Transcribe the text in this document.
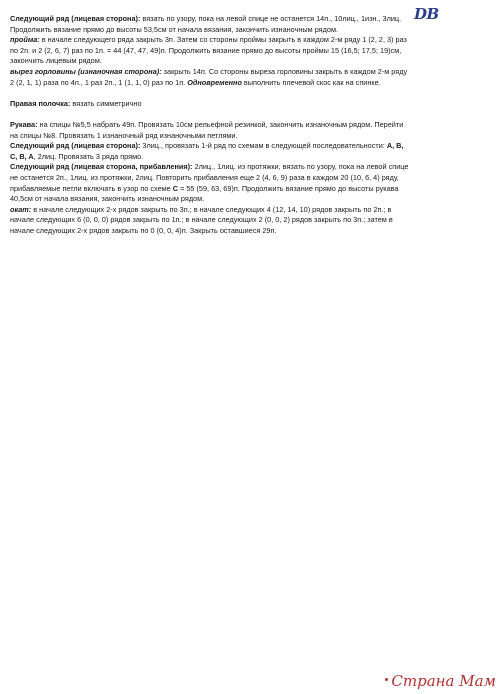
DB

Следующий ряд (лицевая сторона): вязать по узору, пока на левой спице не останется 14п., 10лиц., 1изн., 3лиц.

Продолжить вязание прямо до высоты 53,5см от начала вязания, закончить изнаночным рядом.

пройма: в начале следующего ряда закрыть 3п. Затем со стороны проймы закрыть в каждом 2-м ряду 1 (2, 2, 3) раз по 2п. и 2 (2, 6, 7) раз по 1п. = 44 (47, 47, 49)п. Продолжить вязание прямо до высоты проймы 15 (16,5; 17,5; 19)см, закончить лицевым рядом.

вырез горловины (изнаночная сторона): закрыть 14п. Со стороны выреза горловины закрыть в каждом 2-м ряду 2 (2, 1, 1) раза по 4п., 1 раз 2п., 1 (1, 1, 0) раз по 1п. Одновременно выполнить плечевой скос как на спинке.

Правая полочка: вязать симметрично

Рукава: на спицы №5,5 набрать 49п. Провязать 10см рельефной резинкой, закончить изнаночным рядом. Перейти на спицы №8. Провязать 1 изнаночный ряд изнаночными петлями.

Следующий ряд (лицевая сторона): 3лиц., провязать 1-й ряд по схемам в следующей последовательности: A, B, C, B, A, 2лиц. Провязать 3 ряда прямо.

Следующий ряд (лицевая сторона, прибавления): 2лиц., 1лиц. из протяжки, вязать по узору, пока на левой спице не останется 2п., 1лиц. из протяжки, 2лиц. Повторить прибавления еще 2 (4, 6, 9) раза в каждом 20 (10, 6, 4) ряду, прибавляемые петли включать в узор по схеме C = 55 (59, 63, 69)п. Продолжить вязание прямо до высоты рукава 40,5см от начала вязания, закончить изнаночным рядом.

окат: в начале следующих 2-х рядов закрыть по 3п.; в начале следующих 4 (12, 14, 10) рядов закрыть по 2п.; в начале следующих 6 (0, 0, 0) рядов закрыть по 1п.; в начале следующих 2 (0, 0, 2) рядов закрыть по 3п.; затем в начале следующих 2-х рядов закрыть по 0 (0, 0, 4)п. Закрыть оставшиеся 29п.

Страна Мам
